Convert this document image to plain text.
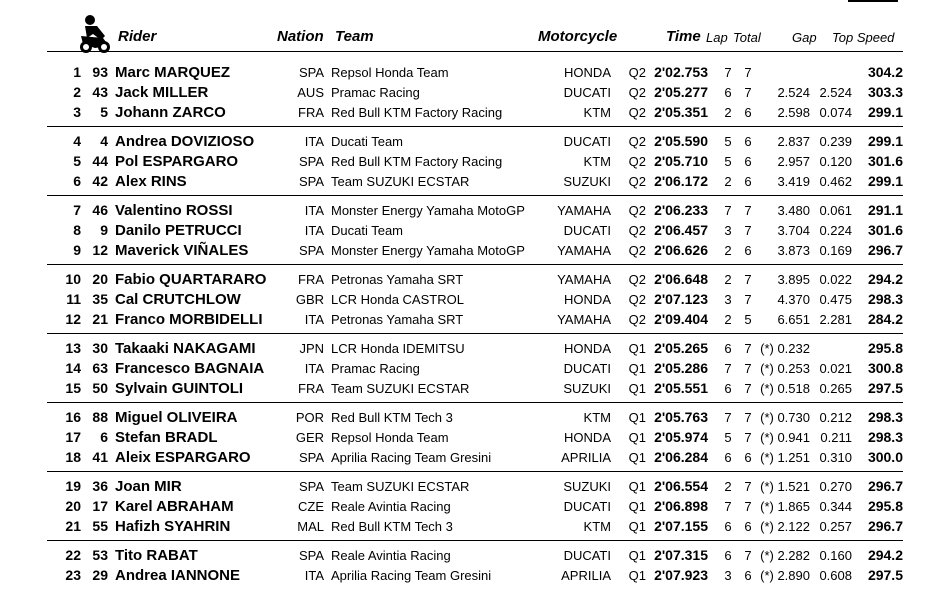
Rider	Nation Team	Motorcycle	Time Lap Total Gap Top Speed
1 93 Marc MARQUEZ	SPA Repsol Honda Team	HONDA	Q2 2'02.753	7 7	304.2
2 43 Jack MILLER	AUS Pramac Racing	DUCATI	Q2 2'05.277	6 7	2.524 2.524	303.3
3	5 Johann ZARCO	FRA Red Bull KTM Factory Racing	KTM	Q2 2'05.351	2 6	2.598 0.074	299.1
4	4 Andrea DOVIZIOSO	ITA Ducati Team	DUCATI	Q2 2'05.590	5 6	2.837 0.239	299.1
5 44 Pol ESPARGARO	SPA Red Bull KTM Factory Racing	KTM	Q2 2'05.710	5 6	2.957 0.120	301.6
6 42 Alex RINS	SPA Team SUZUKI ECSTAR	SUZUKI	Q2 2'06.172	2 6	3.419 0.462	299.1
7 46 Valentino ROSSI	ITA Monster Energy Yamaha MotoGP	YAMAHA	Q2 2'06.233	7 7	3.480 0.061	291.1
8	9 Danilo PETRUCCI	ITA Ducati Team	DUCATI	Q2 2'06.457	3 7	3.704 0.224	301.6
9 12 Maverick VIÑALES	SPA Monster Energy Yamaha MotoGP	YAMAHA	Q2 2'06.626	2 6	3.873 0.169	296.7
10 20 Fabio QUARTARARO	FRA Petronas Yamaha SRT	YAMAHA	Q2 2'06.648	2 7	3.895 0.022	294.2
11 35 Cal CRUTCHLOW	GBR LCR Honda CASTROL	HONDA	Q2 2'07.123	3 7	4.370 0.475	298.3
12 21 Franco MORBIDELLI	ITA Petronas Yamaha SRT	YAMAHA	Q2 2'09.404	2 5	6.651 2.281	284.2
13 30 Takaaki NAKAGAMI	JPN LCR Honda IDEMITSU	HONDA	Q1 2'05.265	6 7 (*) 0.232	295.8
14 63 Francesco BAGNAIA	ITA Pramac Racing	DUCATI	Q1 2'05.286	7 7 (*) 0.253 0.021	300.8
15 50 Sylvain GUINTOLI	FRA Team SUZUKI ECSTAR	SUZUKI	Q1 2'05.551	6 7 (*) 0.518 0.265	297.5
16 88 Miguel OLIVEIRA	POR Red Bull KTM Tech 3	KTM	Q1 2'05.763	7 7 (*) 0.730 0.212	298.3
17	6 Stefan BRADL	GER Repsol Honda Team	HONDA	Q1 2'05.974	5 7 (*) 0.941 0.211	298.3
18 41 Aleix ESPARGARO	SPA Aprilia Racing Team Gresini	APRILIA	Q1 2'06.284	6 6 (*) 1.251 0.310	300.0
19 36 Joan MIR	SPA Team SUZUKI ECSTAR	SUZUKI	Q1 2'06.554	2 7 (*) 1.521 0.270	296.7
20 17 Karel ABRAHAM	CZE Reale Avintia Racing	DUCATI	Q1 2'06.898	7 7 (*) 1.865 0.344	295.8
21 55 Hafizh SYAHRIN	MAL Red Bull KTM Tech 3	KTM	Q1 2'07.155	6 6 (*) 2.122 0.257	296.7
22 53 Tito RABAT	SPA Reale Avintia Racing	DUCATI	Q1 2'07.315	6 7 (*) 2.282 0.160	294.2
23 29 Andrea IANNONE	ITA Aprilia Racing Team Gresini	APRILIA	Q1 2'07.923	3 6 (*) 2.890 0.608	297.5
